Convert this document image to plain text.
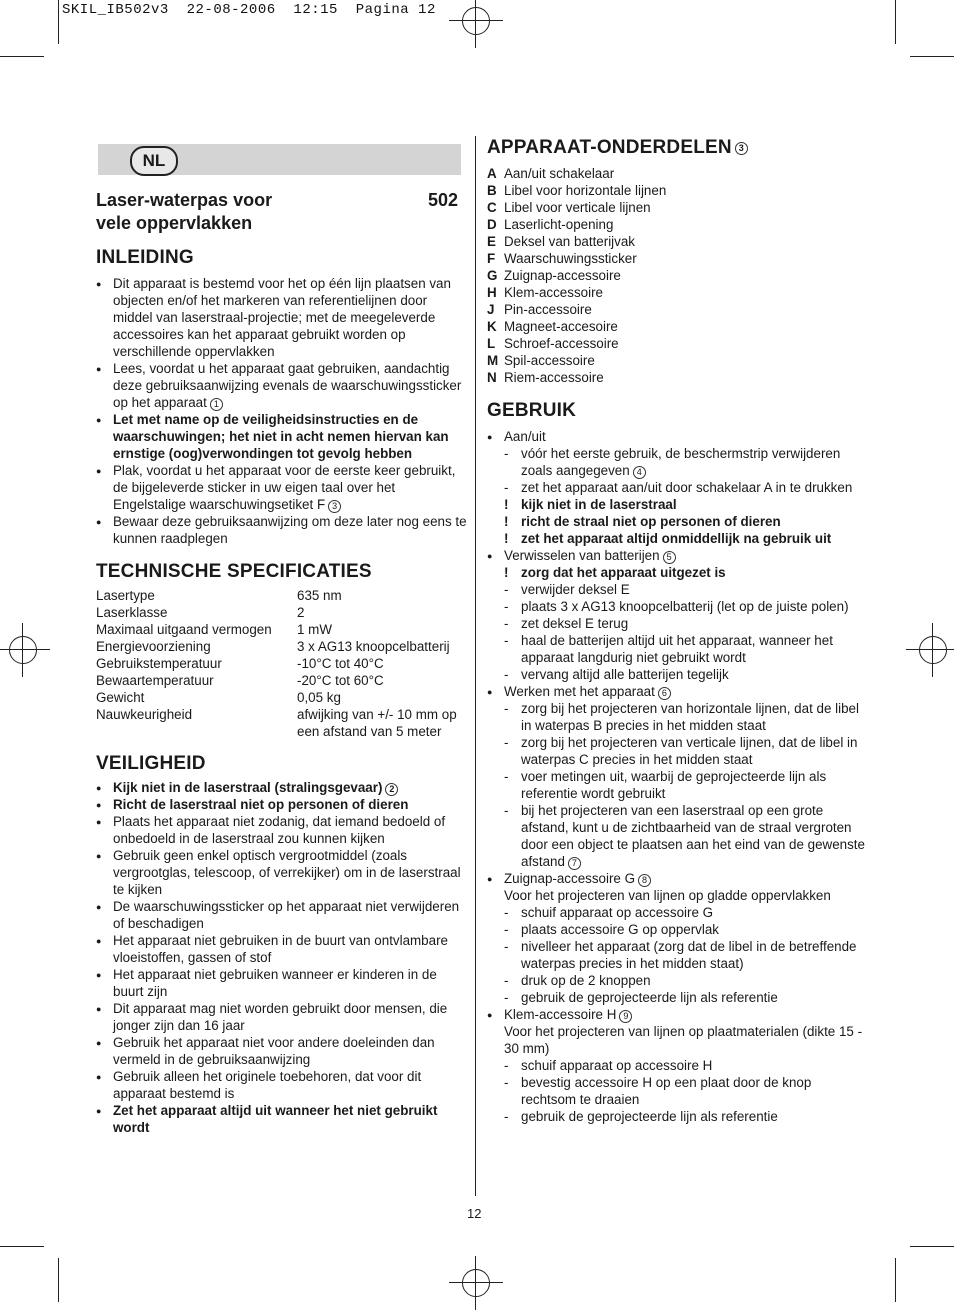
SKIL_IB502v3  22-08-2006  12:15  Pagina 12
NL
Laser-waterpas voor
vele oppervlakken
502
INLEIDING
● Dit apparaat is bestemd voor het op één lijn plaatsen van objecten en/of het markeren van referentielijnen door middel van laserstraal-projectie; met de meegeleverde accessoires kan het apparaat gebruikt worden op verschillende oppervlakken
● Lees, voordat u het apparaat gaat gebruiken, aandachtig deze gebruiksaanwijzing evenals de waarschuwingssticker op het apparaat 1
● Let met name op de veiligheidsinstructies en de waarschuwingen; het niet in acht nemen hiervan kan ernstige (oog)verwondingen tot gevolg hebben
● Plak, voordat u het apparaat voor de eerste keer gebruikt, de bijgeleverde sticker in uw eigen taal over het Engelstalige waarschuwingsetiket F 3
● Bewaar deze gebruiksaanwijzing om deze later nog eens te kunnen raadplegen
TECHNISCHE SPECIFICATIES
Lasertype	635 nm
Laserklasse	2
Maximaal uitgaand vermogen	1 mW
Energievoorziening	3 x AG13 knoopcelbatterij
Gebruikstemperatuur	-10°C tot 40°C
Bewaartemperatuur	-20°C tot 60°C
Gewicht	0,05 kg
Nauwkeurigheid	afwijking van +/- 10 mm op een afstand van 5 meter
VEILIGHEID
● Kijk niet in de laserstraal (stralingsgevaar) 2
● Richt de laserstraal niet op personen of dieren
● Plaats het apparaat niet zodanig, dat iemand bedoeld of onbedoeld in de laserstraal zou kunnen kijken
● Gebruik geen enkel optisch vergrootmiddel (zoals vergrootglas, telescoop, of verrekijker) om in de laserstraal te kijken
● De waarschuwingssticker op het apparaat niet verwijderen of beschadigen
● Het apparaat niet gebruiken in de buurt van ontvlambare vloeistoffen, gassen of stof
● Het apparaat niet gebruiken wanneer er kinderen in de buurt zijn
● Dit apparaat mag niet worden gebruikt door mensen, die jonger zijn dan 16 jaar
● Gebruik het apparaat niet voor andere doeleinden dan vermeld in de gebruiksaanwijzing
● Gebruik alleen het originele toebehoren, dat voor dit apparaat bestemd is
● Zet het apparaat altijd uit wanneer het niet gebruikt wordt
APPARAAT-ONDERDELEN 3
A Aan/uit schakelaar
B Libel voor horizontale lijnen
C Libel voor verticale lijnen
D Laserlicht-opening
E Deksel van batterijvak
F Waarschuwingssticker
G Zuignap-accessoire
H Klem-accessoire
J Pin-accessoire
K Magneet-accesoire
L Schroef-accessoire
M Spil-accessoire
N Riem-accessoire
GEBRUIK
● Aan/uit
- vóór het eerste gebruik, de beschermstrip verwijderen zoals aangegeven 4
- zet het apparaat aan/uit door schakelaar A in te drukken
! kijk niet in de laserstraal
! richt de straal niet op personen of dieren
! zet het apparaat altijd onmiddellijk na gebruik uit
● Verwisselen van batterijen 5
! zorg dat het apparaat uitgezet is
- verwijder deksel E
- plaats 3 x AG13 knoopcelbatterij (let op de juiste polen)
- zet deksel E terug
- haal de batterijen altijd uit het apparaat, wanneer het apparaat langdurig niet gebruikt wordt
- vervang altijd alle batterijen tegelijk
● Werken met het apparaat 6
- zorg bij het projecteren van horizontale lijnen, dat de libel in waterpas B precies in het midden staat
- zorg bij het projecteren van verticale lijnen, dat de libel in waterpas C precies in het midden staat
- voer metingen uit, waarbij de geprojecteerde lijn als referentie wordt gebruikt
- bij het projecteren van een laserstraal op een grote afstand, kunt u de zichtbaarheid van de straal vergroten door een object te plaatsen aan het eind van de gewenste afstand 7
● Zuignap-accessoire G 8
Voor het projecteren van lijnen op gladde oppervlakken
- schuif apparaat op accessoire G
- plaats accessoire G op oppervlak
- nivelleer het apparaat (zorg dat de libel in de betreffende waterpas precies in het midden staat)
- druk op de 2 knoppen
- gebruik de geprojecteerde lijn als referentie
● Klem-accessoire H 9
Voor het projecteren van lijnen op plaatmaterialen (dikte 15 - 30 mm)
- schuif apparaat op accessoire H
- bevestig accessoire H op een plaat door de knop rechtsom te draaien
- gebruik de geprojecteerde lijn als referentie
12
